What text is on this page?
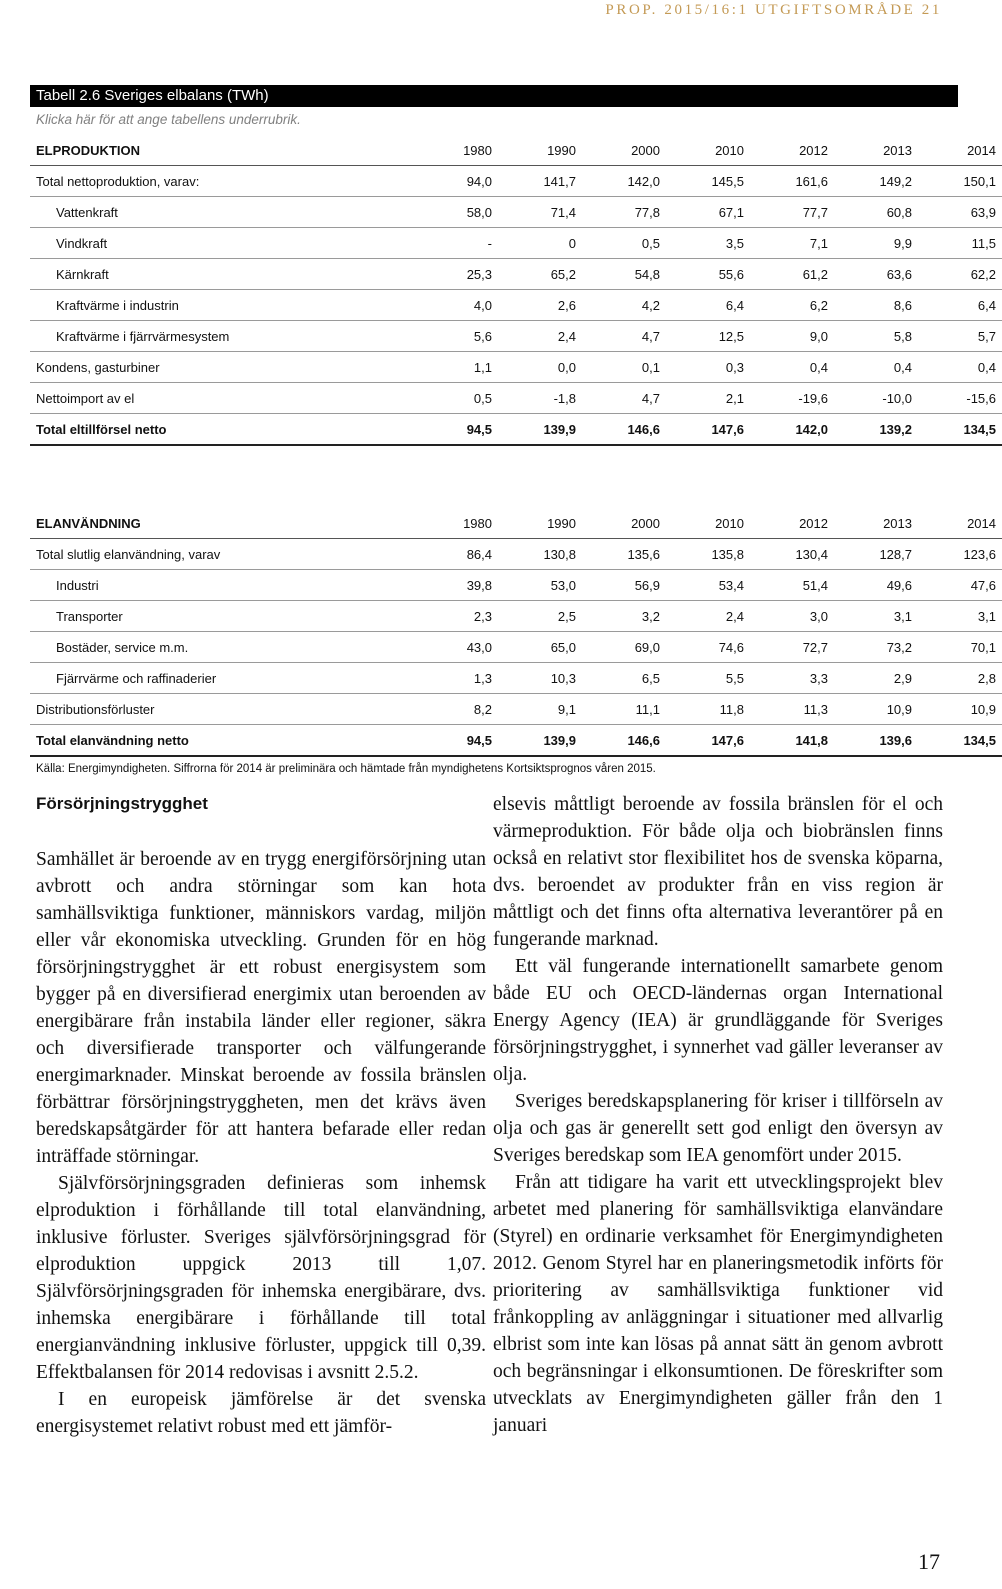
PROP. 2015/16:1 UTGIFTSOMRÅDE 21
Tabell 2.6 Sveriges elbalans (TWh)
Klicka här för att ange tabellens underrubrik.
ELPRODUKTION	1980	1990	2000	2010	2012	2013	2014
Total nettoproduktion, varav:	94,0	141,7	142,0	145,5	161,6	149,2	150,1
Vattenkraft	58,0	71,4	77,8	67,1	77,7	60,8	63,9
Vindkraft	-	0	0,5	3,5	7,1	9,9	11,5
Kärnkraft	25,3	65,2	54,8	55,6	61,2	63,6	62,2
Kraftvärme i industrin	4,0	2,6	4,2	6,4	6,2	8,6	6,4
Kraftvärme i fjärrvärmesystem	5,6	2,4	4,7	12,5	9,0	5,8	5,7
Kondens, gasturbiner	1,1	0,0	0,1	0,3	0,4	0,4	0,4
Nettoimport av el	0,5	-1,8	4,7	2,1	-19,6	-10,0	-15,6
Total eltillförsel netto	94,5	139,9	146,6	147,6	142,0	139,2	134,5
ELANVÄNDNING	1980	1990	2000	2010	2012	2013	2014
Total slutlig elanvändning, varav	86,4	130,8	135,6	135,8	130,4	128,7	123,6
Industri	39,8	53,0	56,9	53,4	51,4	49,6	47,6
Transporter	2,3	2,5	3,2	2,4	3,0	3,1	3,1
Bostäder, service m.m.	43,0	65,0	69,0	74,6	72,7	73,2	70,1
Fjärrvärme och raffinaderier	1,3	10,3	6,5	5,5	3,3	2,9	2,8
Distributionsförluster	8,2	9,1	11,1	11,8	11,3	10,9	10,9
Total elanvändning netto	94,5	139,9	146,6	147,6	141,8	139,6	134,5
Källa: Energimyndigheten. Siffrorna för 2014 är preliminära och hämtade från myndighetens Kortsiktsprognos våren 2015.
Försörjningstrygghet

Samhället är beroende av en trygg energiförsörjning utan avbrott och andra störningar som kan hota samhällsviktiga funktioner, människors vardag, miljön eller vår ekonomiska utveckling. Grunden för en hög försörjningstrygghet är ett robust energisystem som bygger på en diversifierad energimix utan beroenden av energibärare från instabila länder eller regioner, säkra och diversifierade transporter och välfungerande energimarknader. Minskat beroende av fossila bränslen förbättrar försörjningstryggheten, men det krävs även beredskapsåtgärder för att hantera befarade eller redan inträffade störningar.

Självförsörjningsgraden definieras som inhemsk elproduktion i förhållande till total elanvändning, inklusive förluster. Sveriges självförsörjningsgrad för elproduktion uppgick 2013 till 1,07. Självförsörjningsgraden för inhemska energibärare, dvs. inhemska energibärare i förhållande till total energianvändning inklusive förluster, uppgick till 0,39. Effektbalansen för 2014 redovisas i avsnitt 2.5.2.

I en europeisk jämförelse är det svenska energisystemet relativt robust med ett jämför-

elsevis måttligt beroende av fossila bränslen för el och värmeproduktion. För både olja och biobränslen finns också en relativt stor flexibilitet hos de svenska köparna, dvs. beroendet av produkter från en viss region är måttligt och det finns ofta alternativa leverantörer på en fungerande marknad.

Ett väl fungerande internationellt samarbete genom både EU och OECD-ländernas organ International Energy Agency (IEA) är grundläggande för Sveriges försörjningstrygghet, i synnerhet vad gäller leveranser av olja.

Sveriges beredskapsplanering för kriser i tillförseln av olja och gas är generellt sett god enligt den översyn av Sveriges beredskap som IEA genomfört under 2015.

Från att tidigare ha varit ett utvecklingsprojekt blev arbetet med planering för samhällsviktiga elanvändare (Styrel) en ordinarie verksamhet för Energimyndigheten 2012. Genom Styrel har en planeringsmetodik införts för prioritering av samhällsviktiga funktioner vid frånkoppling av anläggningar i situationer med allvarlig elbrist som inte kan lösas på annat sätt än genom avbrott och begränsningar i elkonsumtionen. De föreskrifter som utvecklats av Energimyndigheten gäller från den 1 januari

17
